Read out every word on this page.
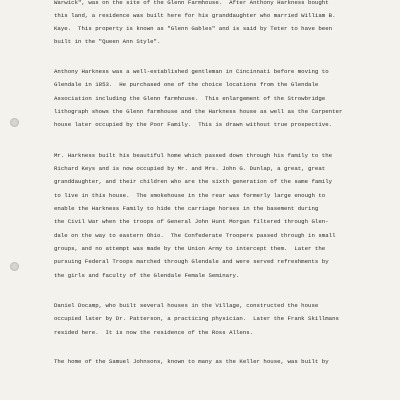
Warwick", was on the site of the Glenn Farmhouse.  After Anthony Harkness bought
this land, a residence was built here for his granddaughter who married William B.
Kaye.  This property is known as "Glenn Gables" and is said by Teter to have been
built in the "Queen Ann Style".
Anthony Harkness was a well-established gentleman in Cincinnati before moving to
Glendale in 1853.  He purchased one of the choice locations from the Glendale
Association including the Glenn farmhouse.  This enlargement of the Strowbridge
lithograph shows the Glenn farmhouse and the Harkness house as well as the Carpenter
house later occupied by the Poor Family.  This is drawn without true prospective.
Mr. Harkness built his beautiful home which passed down through his family to the
Richard Keys and is now occupied by Mr. and Mrs. John G. Dunlap, a great, great
granddaughter, and their children who are the sixth generation of the same family
to live in this house.  The smokehouse in the rear was formerly large enough to
enable the Harkness Family to hide the carriage horses in the basement during
the Civil War when the troops of General John Hunt Morgan filtered through Glen-
dale on the way to eastern Ohio.  The Confederate Troopers passed through in small
groups, and no attempt was made by the Union Army to intercept them.  Later the
pursuing Federal Troops marched through Glendale and were served refreshments by
the girls and faculty of the Glendale Female Seminary.
Daniel Docamp, who built several houses in the Village, constructed the house
occupied later by Dr. Patterson, a practicing physician.  Later the Frank Skillmans
resided here.  It is now the residence of the Ross Allens.
The home of the Samuel Johnsons, known to many as the Keller house, was built by
